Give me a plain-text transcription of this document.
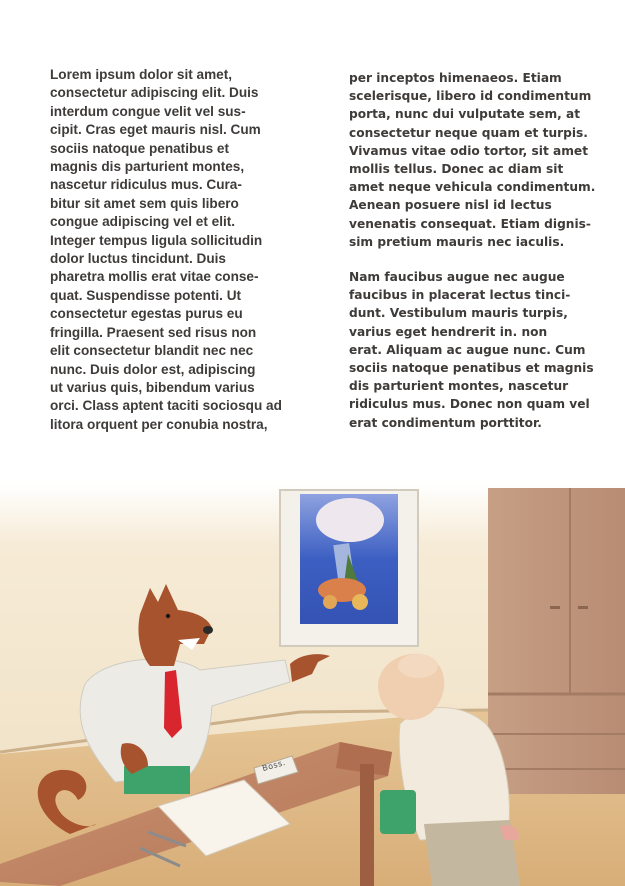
Lorem ipsum dolor sit amet,
consectetur adipiscing elit. Duis
interdum congue velit vel sus-
cipit. Cras eget mauris nisl. Cum
sociis natoque penatibus et
magnis dis parturient montes,
nascetur ridiculus mus. Cura-
bitur sit amet sem quis libero
congue adipiscing vel et elit.
Integer tempus ligula sollicitudin
dolor luctus tincidunt. Duis
pharetra mollis erat vitae conse-
quat. Suspendisse potenti. Ut
consectetur egestas purus eu
fringilla. Praesent sed risus non
elit consectetur blandit nec nec
nunc. Duis dolor est, adipiscing
ut varius quis, bibendum varius
orci. Class aptent taciti sociosqu ad
litora orquent per conubia nostra,
per inceptos himenaeos. Etiam
scelerisque, libero id condimentum
porta, nunc dui vulputate sem, at
consectetur neque quam et turpis.
Vivamus vitae odio tortor, sit amet
mollis tellus. Donec ac diam sit
amet neque vehicula condimentum.
Aenean posuere nisl id lectus
venenatis consequat. Etiam dignis-
sim pretium mauris nec iaculis.
Nam faucibus augue nec augue
faucibus in placerat lectus tinci-
dunt. Vestibulum mauris turpis,
varius eget hendrerit in. non
erat. Aliquam ac augue nunc. Cum
sociis natoque penatibus et magnis
dis parturient montes, nascetur
ridiculus mus. Donec non quam vel
erat condimentum porttitor.
Boss.
